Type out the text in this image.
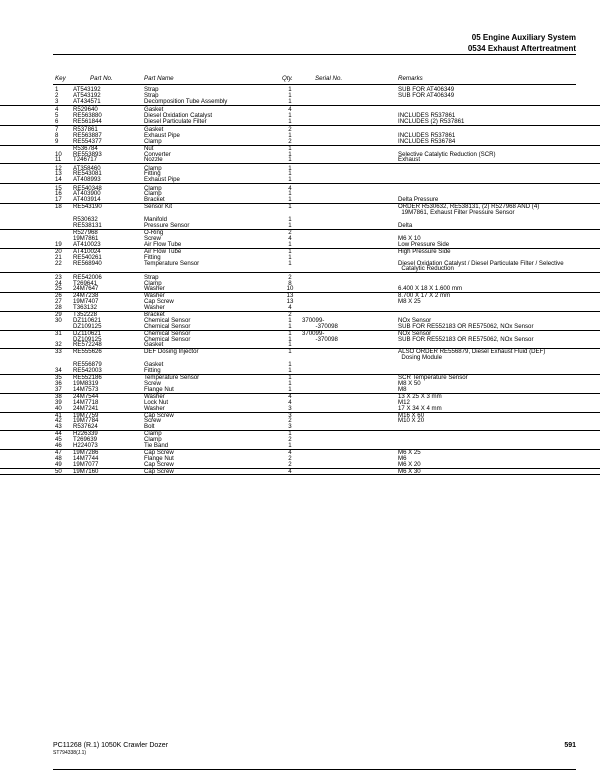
05 Engine Auxiliary System
0534 Exhaust Aftertreatment
Key	Part No.	Part Name	Qty.	Serial No.	Remarks
1 AT543192	Strap	1	SUB FOR AT406349
2 AT543192	Strap	1	SUB FOR AT406349
3 AT434571	Decomposition Tube Assembly	1
4 R529640	Gasket	4
5 RE563880	Diesel Oxidation Catalyst	1	INCLUDES R537861
6 RE561844	Diesel Particulate Filter	1	INCLUDES (2) R537861
7 R537861	Gasket	2
8 RE563887	Exhaust Pipe	1	INCLUDES R537861
9 RE554377	Clamp	2	INCLUDES R536784
R536784	Nut	1
10 RE553893	Converter	1	Selective Catalytic Reduction (SCR)
11 T246717	Nozzle	1	Exhaust
12 AT358460	Clamp	1
13 RE543081	Fitting	1
14 AT408993	Exhaust Pipe	1
15 RE540348	Clamp	4
16 AT403900	Clamp	1
17 AT403914	Bracket	1	Delta Pressure
18 RE543190	Sensor Kit	1	ORDER R530632, RE538131, (2) R527968 AND (4)
19M7861, Exhaust Filter Pressure Sensor
R530632	Manifold	1
RE538131	Pressure Sensor	1	Delta
R527968	O-Ring	2
19M7861	Screw	4	M6 X 10
19 AT410023	Air Flow Tube	1	Low Pressure Side
20 AT410024	Air Flow Tube	1	High Pressure Side
21 RE540261	Fitting	1
22 RE568940	Temperature Sensor	1	Diesel Oxidation Catalyst / Diesel Particulate Filter / Selective
Catalytic Reduction
23 RE542006	Strap	2
24 T269641	Clamp	8
25 24M7647	Washer	10	6.400 X 18 X 1.600 mm
26 24M7238	Washer	13	8.700 X 17 X 2 mm
27 19M7407	Cap Screw	13	M8 X 25
28 T363132	Washer	4
29 T352228	Bracket	2
30 DZ110621	Chemical Sensor	1	370099-	NOx Sensor
DZ109125	Chemical Sensor	1	-370098	SUB FOR RE552183 OR RE575062, NOx Sensor
31 DZ110621	Chemical Sensor	1	370099-	NOx Sensor
DZ109125	Chemical Sensor	1	-370098	SUB FOR RE552183 OR RE575062, NOx Sensor
32 RE572248	Gasket	1
33 RE555626	DEF Dosing Injector	1	ALSO ORDER RE556879, Diesel Exhaust Fluid (DEF)
Dosing Module
RE556879	Gasket	1
34 RE542003	Fitting	1
35 RE552186	Temperature Sensor	1	SCR Temperature Sensor
36 19M8319	Screw	1	M8 X 50
37 14M7573	Flange Nut	1	M8
38 24M7544	Washer	4	13 X 25 X 3 mm
39 14M7718	Lock Nut	4	M12
40 24M7241	Washer	3	17 X 34 X 4 mm
41 19M7759	Cap Screw	3	M16 X 60
42 19M7784	Screw	2	M10 X 20
43 R537624	Bolt	3
44 H226339	Clamp	1
45 T269639	Clamp	2
46 H224073	Tie Band	1
47 19M7286	Cap Screw	4	M6 X 25
48 14M7744	Flange Nut	2	M6
49 19M7077	Cap Screw	2	M6 X 20
50 19M7160	Cap Screw	4	M6 X 30
PC11268 (R.1) 1050K Crawler Dozer
ST794338(J.1)
591
